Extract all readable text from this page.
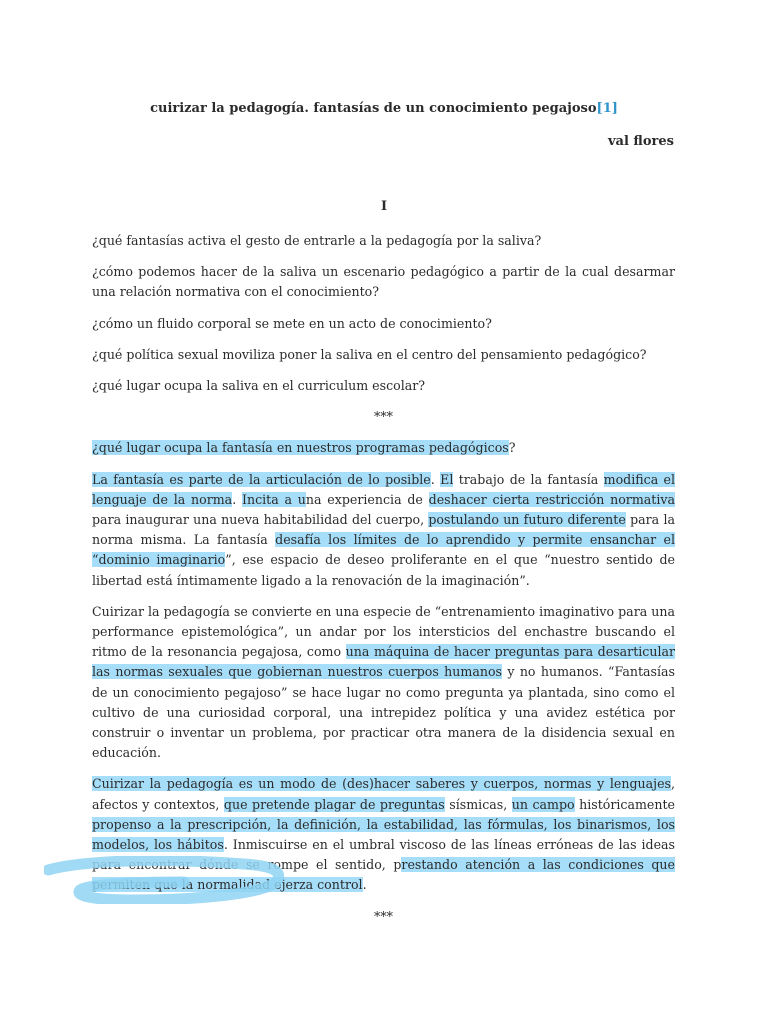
cuirizar la pedagogía. fantasías de un conocimiento pegajoso[1]
val flores
I

¿qué fantasías activa el gesto de entrarle a la pedagogía por la saliva?

¿cómo podemos hacer de la saliva un escenario pedagógico a partir de la cual desarmar una relación normativa con el conocimiento?

¿cómo un fluido corporal se mete en un acto de conocimiento?

¿qué política sexual moviliza poner la saliva en el centro del pensamiento pedagógico?

¿qué lugar ocupa la saliva en el curriculum escolar?

***

¿qué lugar ocupa la fantasía en nuestros programas pedagógicos?

La fantasía es parte de la articulación de lo posible. El trabajo de la fantasía modifica el lenguaje de la norma. Incita a una experiencia de deshacer cierta restricción normativa para inaugurar una nueva habitabilidad del cuerpo, postulando un futuro diferente para la norma misma. La fantasía desafía los límites de lo aprendido y permite ensanchar el “dominio imaginario”, ese espacio de deseo proliferante en el que “nuestro sentido de libertad está íntimamente ligado a la renovación de la imaginación”.

Cuirizar la pedagogía se convierte en una especie de “entrenamiento imaginativo para una performance epistemológica”, un andar por los intersticios del enchastre buscando el ritmo de la resonancia pegajosa, como una máquina de hacer preguntas para desarticular las normas sexuales que gobiernan nuestros cuerpos humanos y no humanos. “Fantasías de un conocimiento pegajoso” se hace lugar no como pregunta ya plantada, sino como el cultivo de una curiosidad corporal, una intrepidez política y una avidez estética por construir o inventar un problema, por practicar otra manera de la disidencia sexual en educación.

Cuirizar la pedagogía es un modo de (des)hacer saberes y cuerpos, normas y lenguajes, afectos y contextos, que pretende plagar de preguntas sísmicas, un campo históricamente propenso a la prescripción, la definición, la estabilidad, las fórmulas, los binarismos, los modelos, los hábitos. Inmiscuirse en el umbral viscoso de las líneas erróneas de las ideas para encontrar dónde se rompe el sentido, prestando atención a las condiciones que permiten que la normalidad ejerza control.

***
